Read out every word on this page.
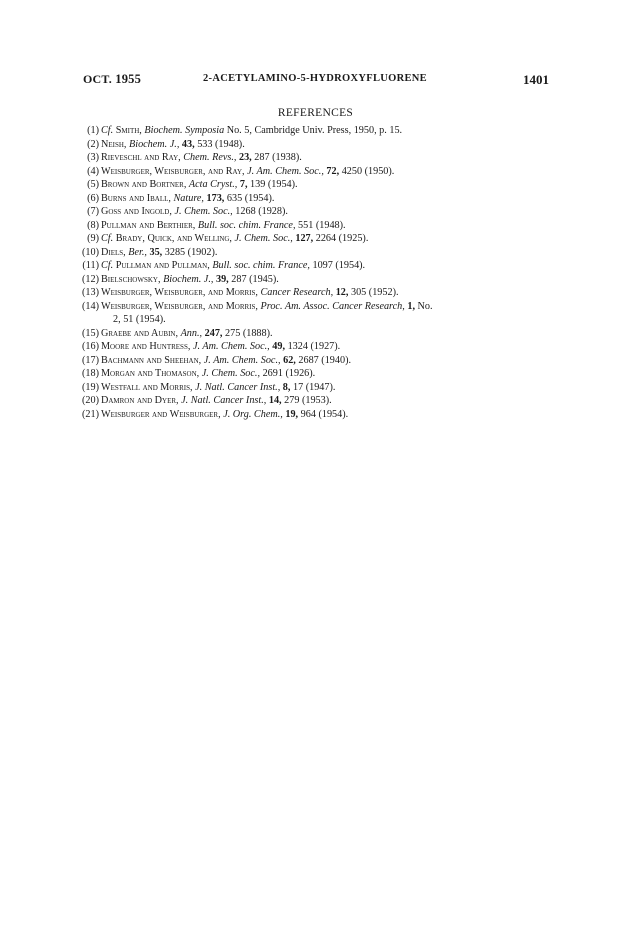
OCT. 1955	2-ACETYLAMINO-5-HYDROXYFLUORENE	1401
REFERENCES
(1) Cf. Smith, Biochem. Symposia No. 5, Cambridge Univ. Press, 1950, p. 15.
(2) Neish, Biochem. J., 43, 533 (1948).
(3) Rieveschl and Ray, Chem. Revs., 23, 287 (1938).
(4) Weisburger, Weisburger, and Ray, J. Am. Chem. Soc., 72, 4250 (1950).
(5) Brown and Bortner, Acta Cryst., 7, 139 (1954).
(6) Burns and Iball, Nature, 173, 635 (1954).
(7) Goss and Ingold, J. Chem. Soc., 1268 (1928).
(8) Pullman and Berthier, Bull. soc. chim. France, 551 (1948).
(9) Cf. Brady, Quick, and Welling, J. Chem. Soc., 127, 2264 (1925).
(10) Diels, Ber., 35, 3285 (1902).
(11) Cf. Pullman and Pullman, Bull. soc. chim. France, 1097 (1954).
(12) Bielschowsky, Biochem. J., 39, 287 (1945).
(13) Weisburger, Weisburger, and Morris, Cancer Research, 12, 305 (1952).
(14) Weisburger, Weisburger, and Morris, Proc. Am. Assoc. Cancer Research, 1, No.
2, 51 (1954).
(15) Graebe and Aubin, Ann., 247, 275 (1888).
(16) Moore and Huntress, J. Am. Chem. Soc., 49, 1324 (1927).
(17) Bachmann and Sheehan, J. Am. Chem. Soc., 62, 2687 (1940).
(18) Morgan and Thomason, J. Chem. Soc., 2691 (1926).
(19) Westfall and Morris, J. Natl. Cancer Inst., 8, 17 (1947).
(20) Damron and Dyer, J. Natl. Cancer Inst., 14, 279 (1953).
(21) Weisburger and Weisburger, J. Org. Chem., 19, 964 (1954).
